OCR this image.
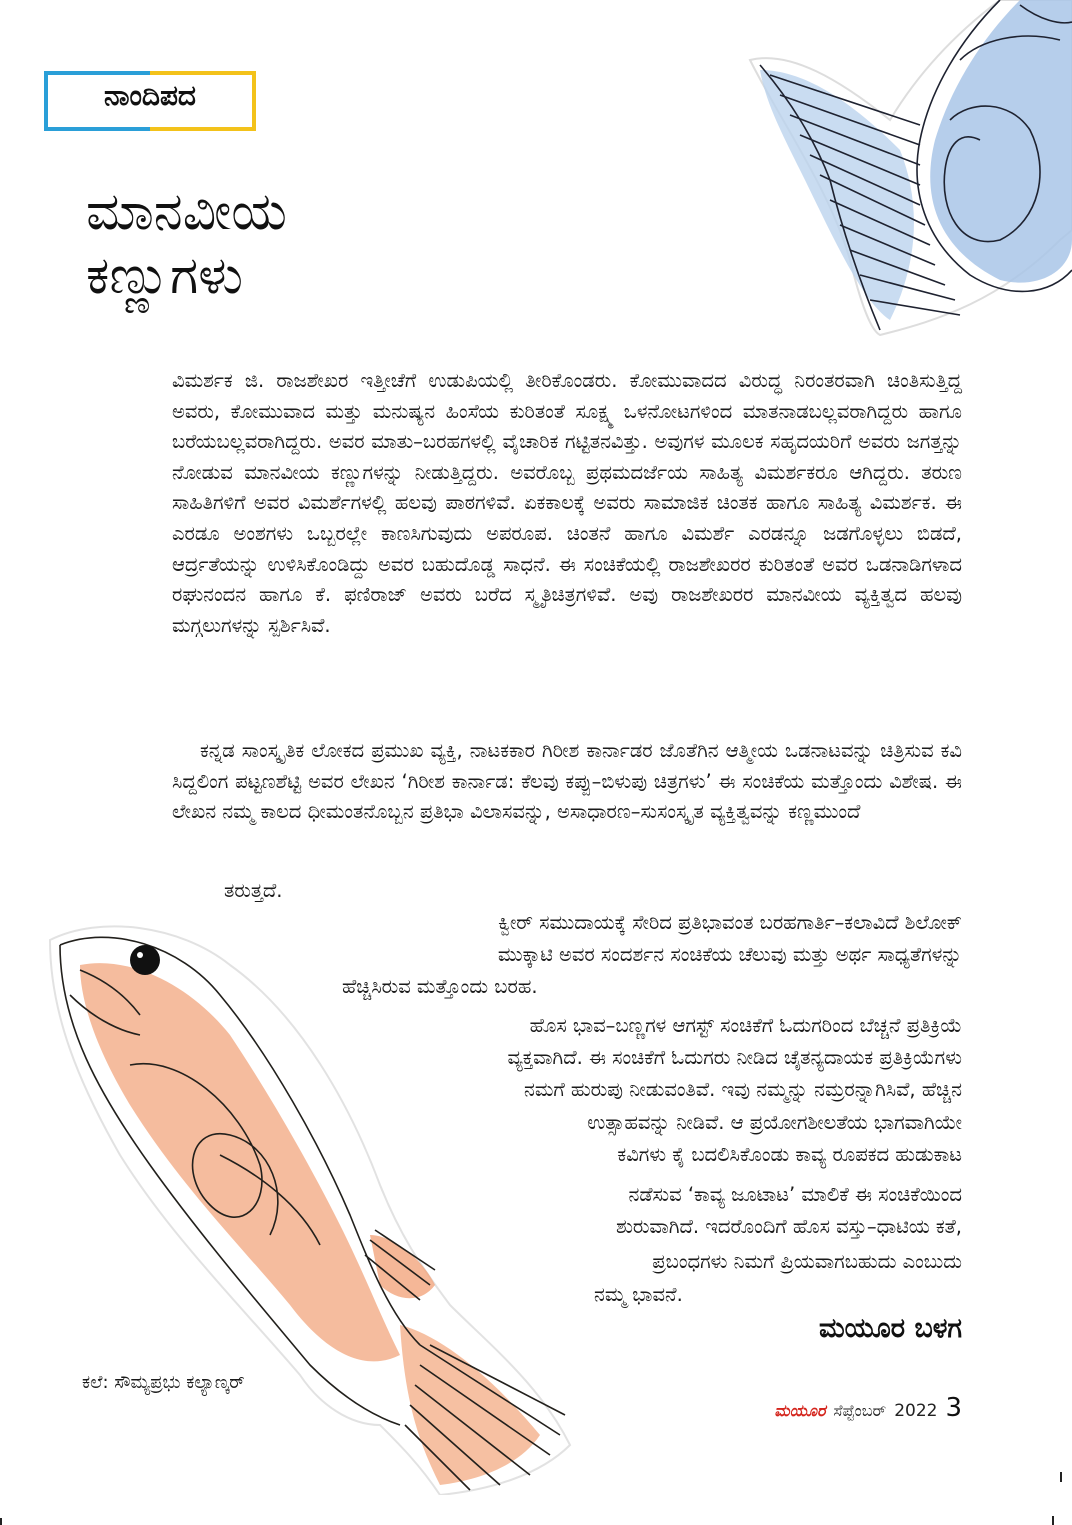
ನಾಂದಿಪದ
ಮಾನವೀಯ
ಕಣ್ಣುಗಳು

ವಿಮರ್ಶಕ ಜಿ. ರಾಜಶೇಖರ ಇತ್ತೀಚೆಗೆ ಉಡುಪಿಯಲ್ಲಿ ತೀರಿಕೊಂಡರು. ಕೋಮುವಾದದ ವಿರುದ್ಧ ನಿರಂತರವಾಗಿ ಚಿಂತಿಸುತ್ತಿದ್ದ ಅವರು, ಕೋಮುವಾದ ಮತ್ತು ಮನುಷ್ಯನ ಹಿಂಸೆಯ ಕುರಿತಂತೆ ಸೂಕ್ಷ್ಮ ಒಳನೋಟಗಳಿಂದ ಮಾತನಾಡಬಲ್ಲವರಾಗಿದ್ದರು ಹಾಗೂ ಬರೆಯಬಲ್ಲವರಾಗಿದ್ದರು. ಅವರ ಮಾತು–ಬರಹಗಳಲ್ಲಿ ವೈಚಾರಿಕ ಗಟ್ಟಿತನವಿತ್ತು. ಅವುಗಳ ಮೂಲಕ ಸಹೃದಯರಿಗೆ ಅವರು ಜಗತ್ತನ್ನು ನೋಡುವ ಮಾನವೀಯ ಕಣ್ಣುಗಳನ್ನು ನೀಡುತ್ತಿದ್ದರು. ಅವರೊಬ್ಬ ಪ್ರಥಮದರ್ಜೆಯ ಸಾಹಿತ್ಯ ವಿಮರ್ಶಕರೂ ಆಗಿದ್ದರು. ತರುಣ ಸಾಹಿತಿಗಳಿಗೆ ಅವರ ವಿಮರ್ಶೆಗಳಲ್ಲಿ ಹಲವು ಪಾಠಗಳಿವೆ. ಏಕಕಾಲಕ್ಕೆ ಅವರು ಸಾಮಾಜಿಕ ಚಿಂತಕ ಹಾಗೂ ಸಾಹಿತ್ಯ ವಿಮರ್ಶಕ. ಈ ಎರಡೂ ಅಂಶಗಳು ಒಬ್ಬರಲ್ಲೇ ಕಾಣಸಿಗುವುದು ಅಪರೂಪ. ಚಿಂತನೆ ಹಾಗೂ ವಿಮರ್ಶೆ ಎರಡನ್ನೂ ಜಡಗೊಳ್ಳಲು ಬಿಡದೆ, ಆರ್ದ್ರತೆಯನ್ನು ಉಳಿಸಿಕೊಂಡಿದ್ದು ಅವರ ಬಹುದೊಡ್ಡ ಸಾಧನೆ. ಈ ಸಂಚಿಕೆಯಲ್ಲಿ ರಾಜಶೇಖರರ ಕುರಿತಂತೆ ಅವರ ಒಡನಾಡಿಗಳಾದ ರಘುನಂದನ ಹಾಗೂ ಕೆ. ಫಣಿರಾಜ್ ಅವರು ಬರೆದ ಸ್ಮೃತಿಚಿತ್ರಗಳಿವೆ. ಅವು ರಾಜಶೇಖರರ ಮಾನವೀಯ ವ್ಯಕ್ತಿತ್ವದ ಹಲವು ಮಗ್ಗಲುಗಳನ್ನು ಸ್ಪರ್ಶಿಸಿವೆ.

ಕನ್ನಡ ಸಾಂಸ್ಕೃತಿಕ ಲೋಕದ ಪ್ರಮುಖ ವ್ಯಕ್ತಿ, ನಾಟಕಕಾರ ಗಿರೀಶ ಕಾರ್ನಾಡರ ಜೊತೆಗಿನ ಆತ್ಮೀಯ ಒಡನಾಟವನ್ನು ಚಿತ್ರಿಸುವ ಕವಿ ಸಿದ್ದಲಿಂಗ ಪಟ್ಟಣಶೆಟ್ಟಿ ಅವರ ಲೇಖನ ‘ಗಿರೀಶ ಕಾರ್ನಾಡ: ಕೆಲವು ಕಪ್ಪು–ಬಿಳುಪು ಚಿತ್ರಗಳು’ ಈ ಸಂಚಿಕೆಯ ಮತ್ತೊಂದು ವಿಶೇಷ. ಈ ಲೇಖನ ನಮ್ಮ ಕಾಲದ ಧೀಮಂತನೊಬ್ಬನ ಪ್ರತಿಭಾ ವಿಲಾಸವನ್ನು, ಅಸಾಧಾರಣ–ಸುಸಂಸ್ಕೃತ ವ್ಯಕ್ತಿತ್ವವನ್ನು ಕಣ್ಣಮುಂದೆ

ತರುತ್ತದೆ.
ಕ್ವೀರ್ ಸಮುದಾಯಕ್ಕೆ ಸೇರಿದ ಪ್ರತಿಭಾವಂತ ಬರಹಗಾರ್ತಿ–ಕಲಾವಿದೆ ಶಿಲೋಕ್
ಮುಕ್ಕಾಟಿ ಅವರ ಸಂದರ್ಶನ ಸಂಚಿಕೆಯ ಚೆಲುವು ಮತ್ತು ಅರ್ಥ ಸಾಧ್ಯತೆಗಳನ್ನು
ಹೆಚ್ಚಿಸಿರುವ ಮತ್ತೊಂದು ಬರಹ.
ಹೊಸ ಭಾವ–ಬಣ್ಣಗಳ ಆಗಸ್ಟ್ ಸಂಚಿಕೆಗೆ ಓದುಗರಿಂದ ಬೆಚ್ಚನೆ ಪ್ರತಿಕ್ರಿಯೆ
ವ್ಯಕ್ತವಾಗಿದೆ. ಈ ಸಂಚಿಕೆಗೆ ಓದುಗರು ನೀಡಿದ ಚೈತನ್ಯದಾಯಕ ಪ್ರತಿಕ್ರಿಯೆಗಳು
ನಮಗೆ ಹುರುಪು ನೀಡುವಂತಿವೆ. ಇವು ನಮ್ಮನ್ನು ನಮ್ರರನ್ನಾಗಿಸಿವೆ, ಹೆಚ್ಚಿನ
ಉತ್ಸಾಹವನ್ನು ನೀಡಿವೆ. ಆ ಪ್ರಯೋಗಶೀಲತೆಯ ಭಾಗವಾಗಿಯೇ
ಕವಿಗಳು ಕೈ ಬದಲಿಸಿಕೊಂಡು ಕಾವ್ಯ ರೂಪಕದ ಹುಡುಕಾಟ
ನಡೆಸುವ ‘ಕಾವ್ಯ ಜೂಟಾಟ’ ಮಾಲಿಕೆ ಈ ಸಂಚಿಕೆಯಿಂದ
ಶುರುವಾಗಿದೆ. ಇದರೊಂದಿಗೆ ಹೊಸ ವಸ್ತು–ಧಾಟಿಯ ಕತೆ,
ಪ್ರಬಂಧಗಳು ನಿಮಗೆ ಪ್ರಿಯವಾಗಬಹುದು ಎಂಬುದು
ನಮ್ಮ ಭಾವನೆ.
ಮಯೂರ ಬಳಗ
ಕಲೆ: ಸೌಮ್ಯಪ್ರಭು ಕಲ್ಯಾಣ್ಕರ್
ಮಯೂರ ಸೆಪ್ಟೆಂಬರ್ 2022 3
